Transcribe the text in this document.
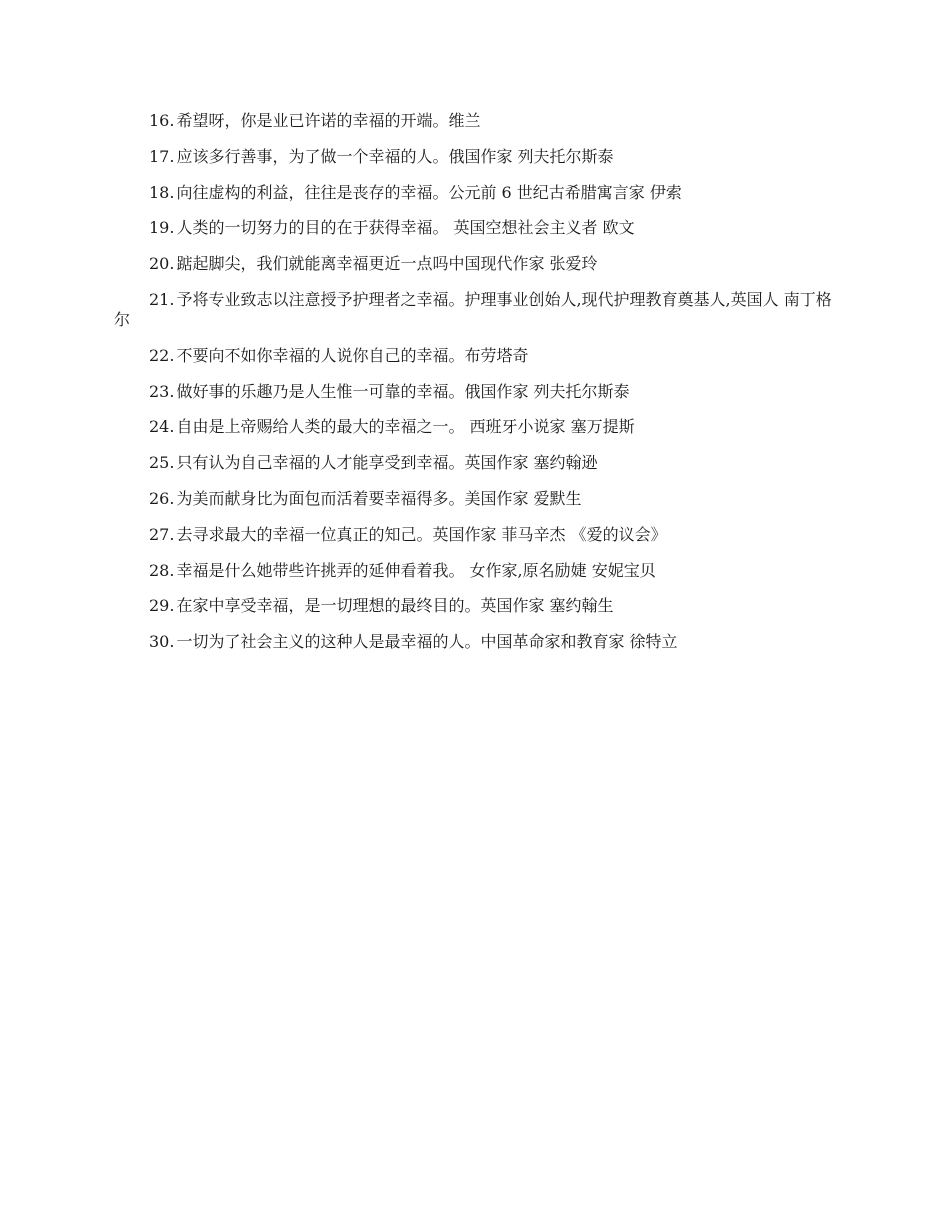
16. 希望呀，你是业已许诺的幸福的开端。维兰

17. 应该多行善事，为了做一个幸福的人。俄国作家 列夫托尔斯泰

18. 向往虚构的利益，往往是丧存的幸福。公元前 6 世纪古希腊寓言家 伊索

19. 人类的一切努力的目的在于获得幸福。 英国空想社会主义者 欧文

20. 踮起脚尖，我们就能离幸福更近一点吗中国现代作家 张爱玲

21. 予将专业致志以注意授予护理者之幸福。护理事业创始人,现代护理教育奠基人,英国人 南丁格尔

22. 不要向不如你幸福的人说你自己的幸福。布劳塔奇

23. 做好事的乐趣乃是人生惟一可靠的幸福。俄国作家 列夫托尔斯泰

24. 自由是上帝赐给人类的最大的幸福之一。 西班牙小说家 塞万提斯

25. 只有认为自己幸福的人才能享受到幸福。英国作家 塞约翰逊

26. 为美而献身比为面包而活着要幸福得多。美国作家 爱默生

27. 去寻求最大的幸福一位真正的知己。英国作家 菲马辛杰 《爱的议会》

28. 幸福是什么她带些许挑弄的延伸看着我。 女作家,原名励婕 安妮宝贝

29. 在家中享受幸福，是一切理想的最终目的。英国作家 塞约翰生

30. 一切为了社会主义的这种人是最幸福的人。中国革命家和教育家 徐特立
